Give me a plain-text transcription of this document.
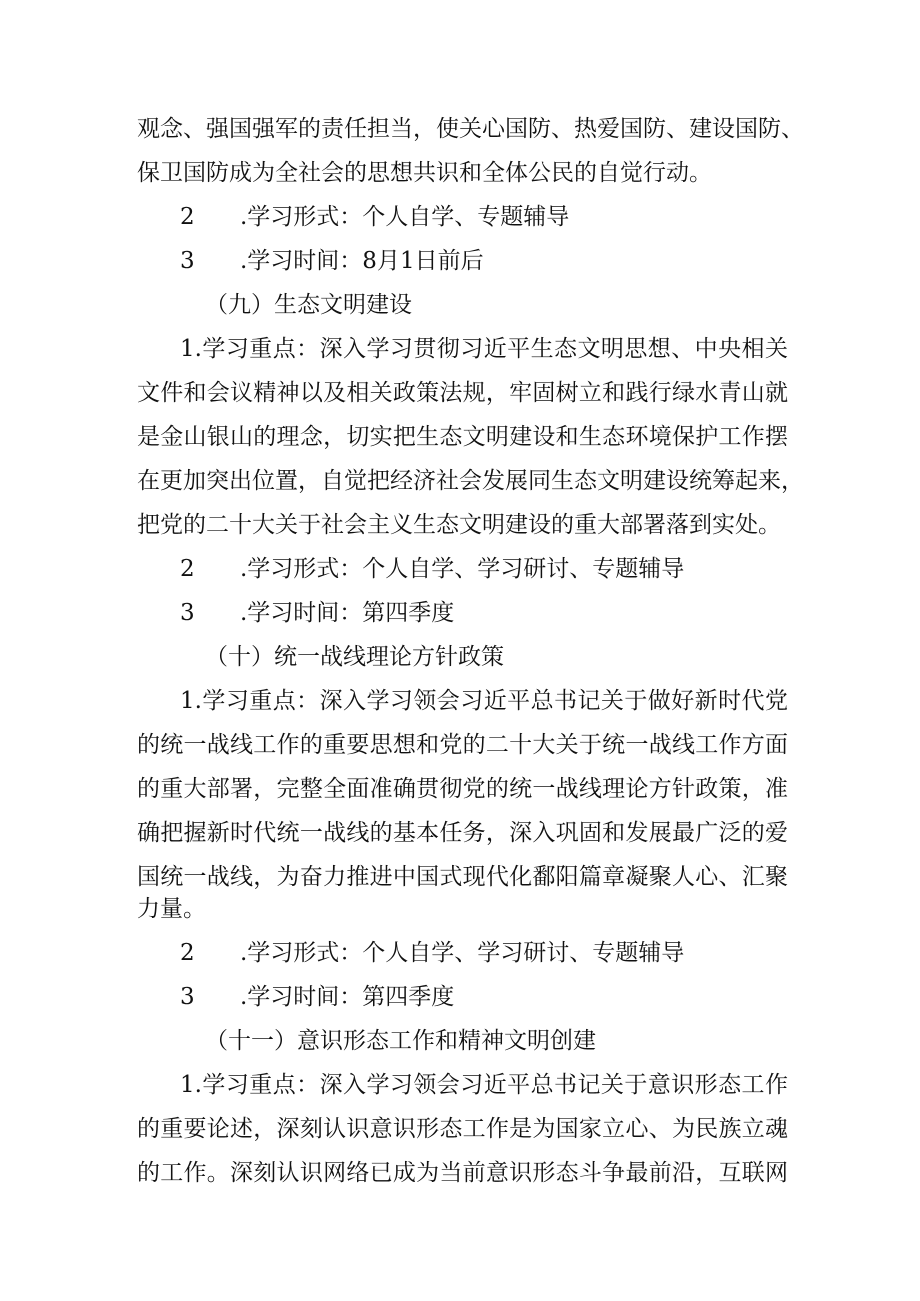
观念、强国强军的责任担当，使关心国防、热爱国防、建设国防、
保卫国防成为全社会的思想共识和全体公民的自觉行动。
2 .学习形式：个人自学、专题辅导
3 .学习时间：8月1日前后
（九）生态文明建设
1.学习重点：深入学习贯彻习近平生态文明思想、中央相关
文件和会议精神以及相关政策法规，牢固树立和践行绿水青山就
是金山银山的理念，切实把生态文明建设和生态环境保护工作摆
在更加突出位置，自觉把经济社会发展同生态文明建设统筹起来，
把党的二十大关于社会主义生态文明建设的重大部署落到实处。
2 .学习形式：个人自学、学习研讨、专题辅导
3 .学习时间：第四季度
（十）统一战线理论方针政策
1.学习重点：深入学习领会习近平总书记关于做好新时代党
的统一战线工作的重要思想和党的二十大关于统一战线工作方面
的重大部署，完整全面准确贯彻党的统一战线理论方针政策，准
确把握新时代统一战线的基本任务，深入巩固和发展最广泛的爱
国统一战线，为奋力推进中国式现代化鄱阳篇章凝聚人心、汇聚
力量。
2 .学习形式：个人自学、学习研讨、专题辅导
3 .学习时间：第四季度
（十一）意识形态工作和精神文明创建
1.学习重点：深入学习领会习近平总书记关于意识形态工作
的重要论述，深刻认识意识形态工作是为国家立心、为民族立魂
的工作。深刻认识网络已成为当前意识形态斗争最前沿，互联网
